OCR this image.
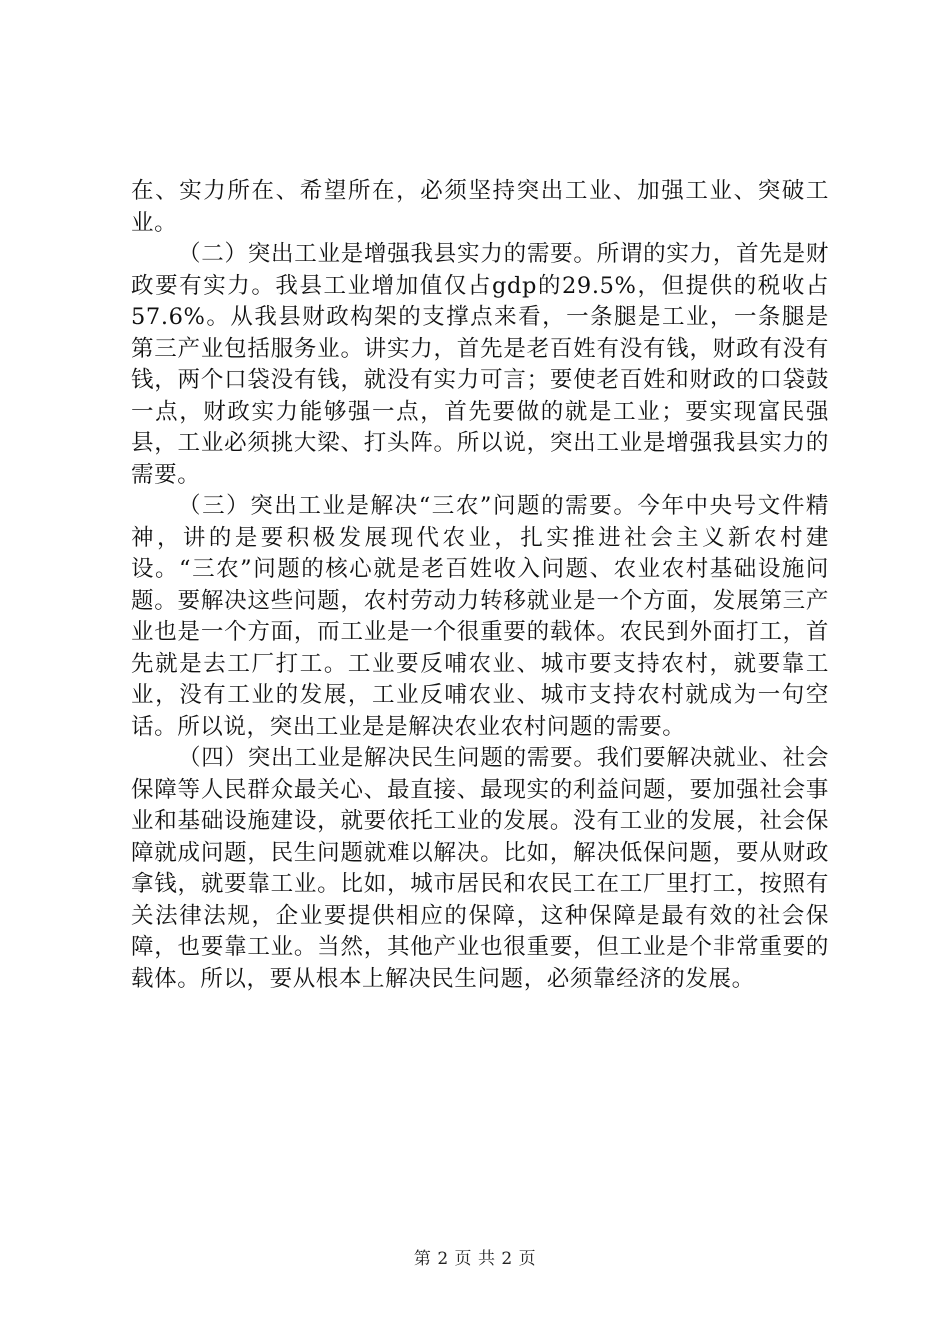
在、实力所在、希望所在，必须坚持突出工业、加强工业、突破工业。

（二）突出工业是增强我县实力的需要。所谓的实力，首先是财政要有实力。我县工业增加值仅占gdp的29.5%，但提供的税收占57.6%。从我县财政构架的支撑点来看，一条腿是工业，一条腿是第三产业包括服务业。讲实力，首先是老百姓有没有钱，财政有没有钱，两个口袋没有钱，就没有实力可言；要使老百姓和财政的口袋鼓一点，财政实力能够强一点，首先要做的就是工业；要实现富民强县，工业必须挑大梁、打头阵。所以说，突出工业是增强我县实力的需要。

（三）突出工业是解决“三农”问题的需要。今年中央号文件精神，讲的是要积极发展现代农业，扎实推进社会主义新农村建设。“三农”问题的核心就是老百姓收入问题、农业农村基础设施问题。要解决这些问题，农村劳动力转移就业是一个方面，发展第三产业也是一个方面，而工业是一个很重要的载体。农民到外面打工，首先就是去工厂打工。工业要反哺农业、城市要支持农村，就要靠工业，没有工业的发展，工业反哺农业、城市支持农村就成为一句空话。所以说，突出工业是是解决农业农村问题的需要。

（四）突出工业是解决民生问题的需要。我们要解决就业、社会保障等人民群众最关心、最直接、最现实的利益问题，要加强社会事业和基础设施建设，就要依托工业的发展。没有工业的发展，社会保障就成问题，民生问题就难以解决。比如，解决低保问题，要从财政拿钱，就要靠工业。比如，城市居民和农民工在工厂里打工，按照有关法律法规，企业要提供相应的保障，这种保障是最有效的社会保障，也要靠工业。当然，其他产业也很重要，但工业是个非常重要的载体。所以，要从根本上解决民生问题，必须靠经济的发展。

第 2 页 共 2 页
